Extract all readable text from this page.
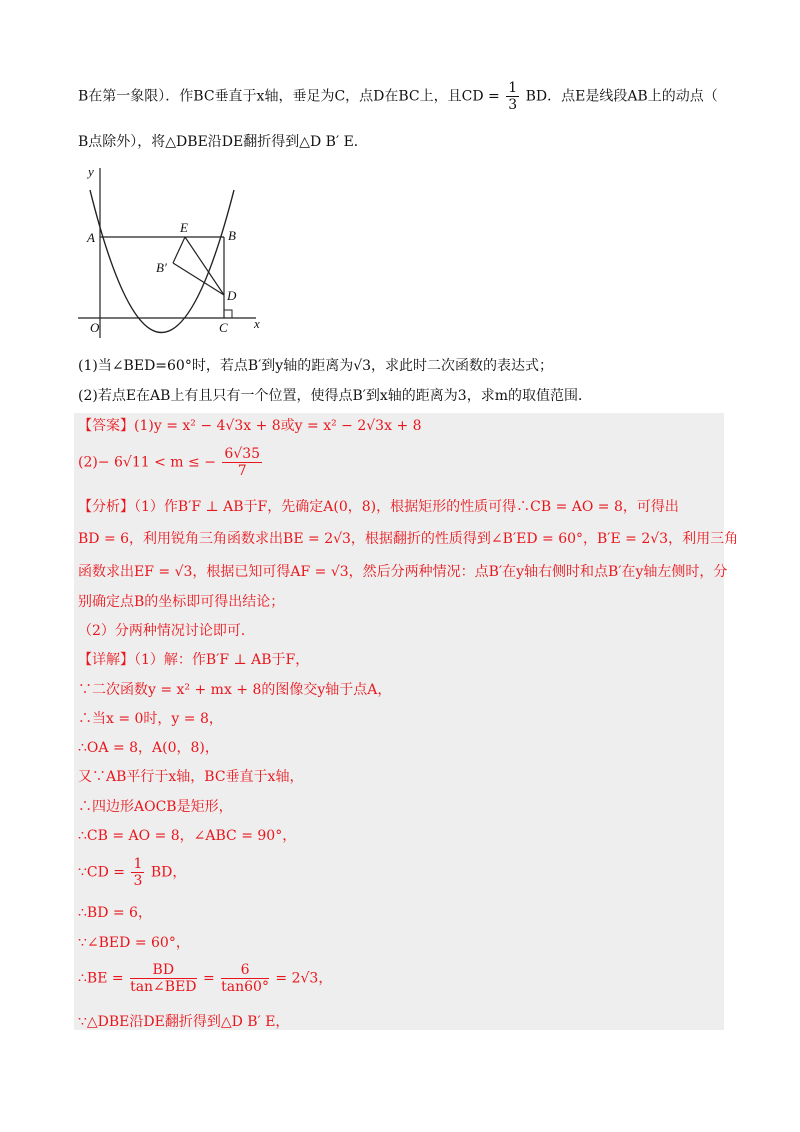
B在第一象限）．作BC垂直于x轴，垂足为C，点D在BC上，且CD = $\frac{1}{3}$ BD．点E是线段AB上的动点（
B点除外），将△DBE沿DE翻折得到△D B′ E．
y
A
E
B
B′
D
O	C x
(1)当∠BED=60°时，若点B′到y轴的距离为√3，求此时二次函数的表达式；
(2)若点E在AB上有且只有一个位置，使得点B′到x轴的距离为3，求m的取值范围．
【答案】(1)y = x² − 4√3x + 8或y = x² − 2√3x + 8
(2)− 6√11 < m ≤ − $\frac{6√35}{7}$
【分析】（1）作B′F ⊥ AB于F，先确定A(0，8)，根据矩形的性质可得∴CB = AO = 8，可得出
BD = 6，利用锐角三角函数求出BE = 2√3，根据翻折的性质得到∠B′ED = 60°，B′E = 2√3，利用三角
函数求出EF = √3，根据已知可得AF = √3，然后分两种情况：点B′在y轴右侧时和点B′在y轴左侧时，分
别确定点B的坐标即可得出结论；
（2）分两种情况讨论即可．
【详解】（1）解：作B′F ⊥ AB于F，
∵二次函数y = x² + mx + 8的图像交y轴于点A，
∴当x = 0时，y = 8，
∴OA = 8，A(0，8)，
又∵AB平行于x轴，BC垂直于x轴，
∴四边形AOCB是矩形，
∴CB = AO = 8，∠ABC = 90°，
∵CD = $\frac{1}{3}$ BD，
∴BD = 6，
∵∠BED = 60°，
∴BE = $\frac{BD}{\text{tan∠BED}} = \frac{6}{\tan 60^\circ} = 2√3$，
∵△DBE沿DE翻折得到△D B′ E，
